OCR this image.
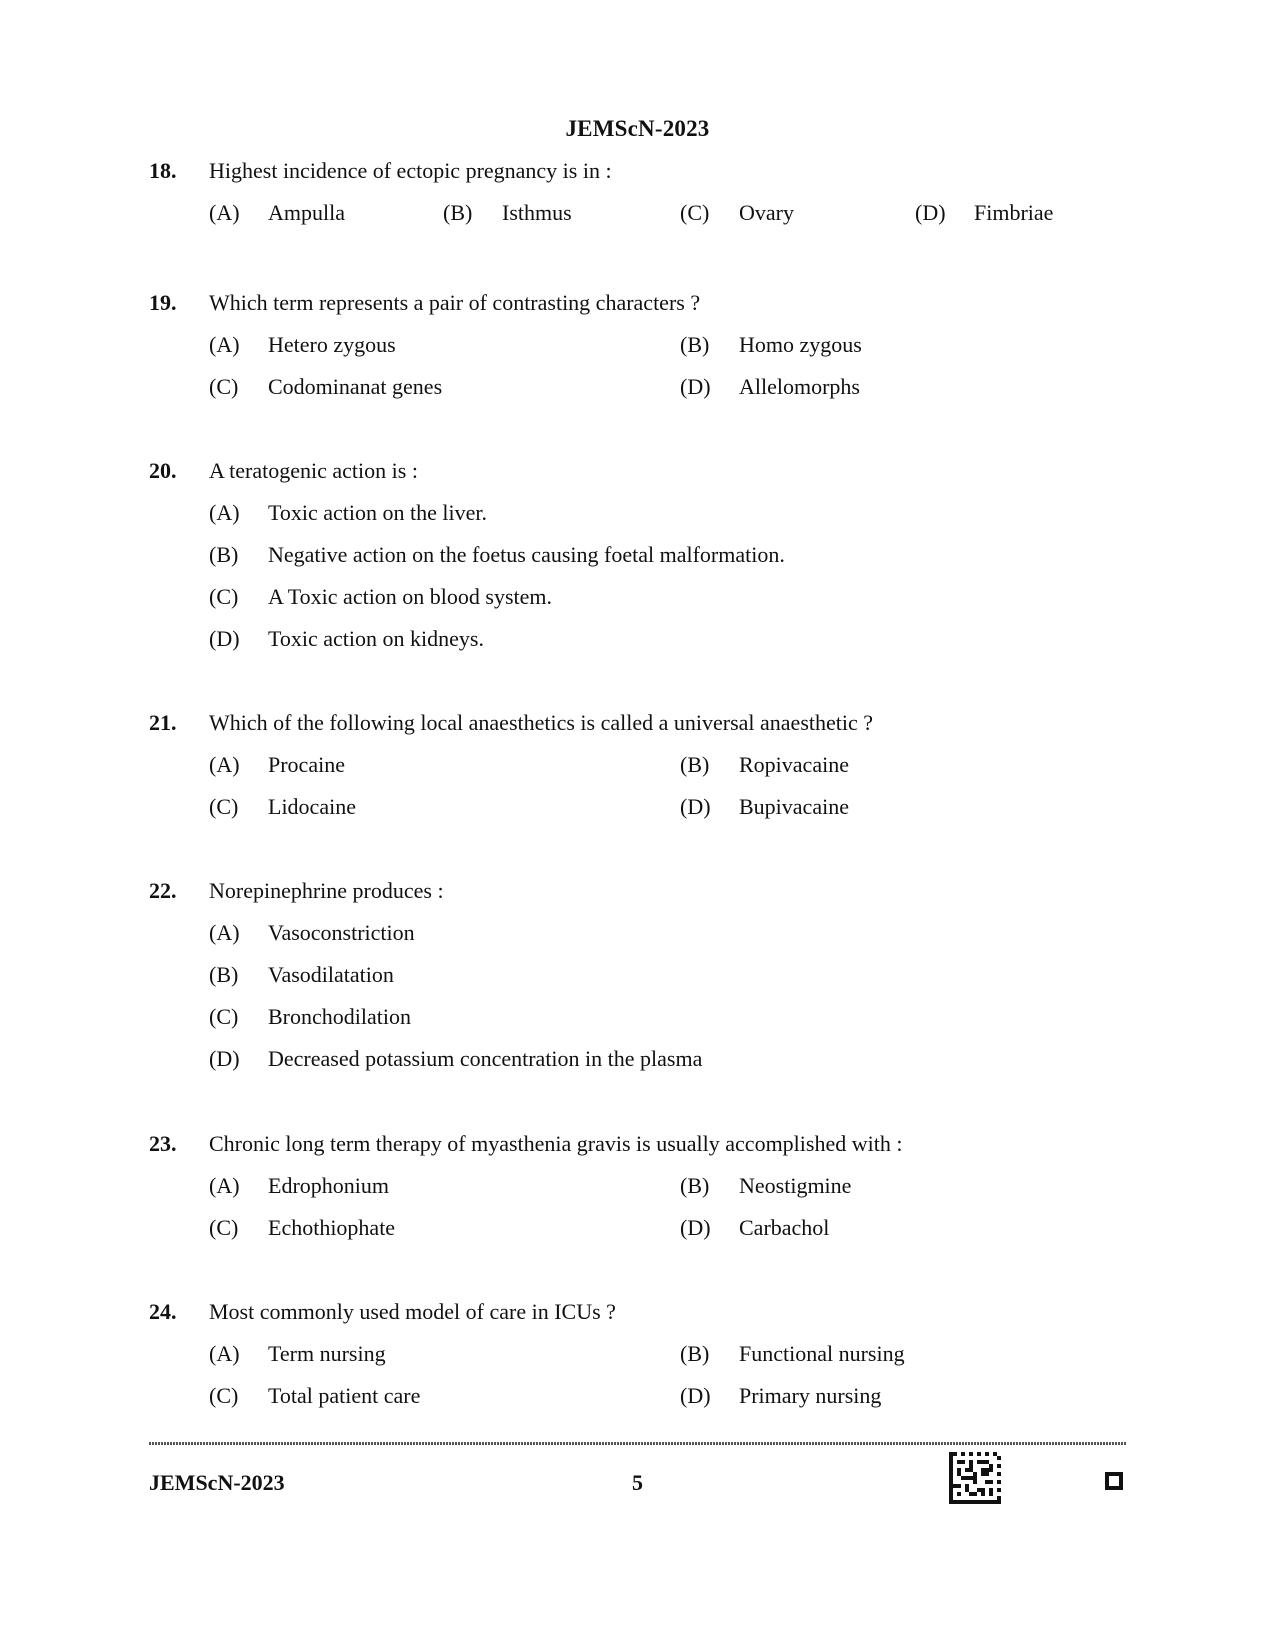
JEMScN-2023
18. Highest incidence of ectopic pregnancy is in :
(A) Ampulla	(B) Isthmus	(C) Ovary	(D) Fimbriae
19. Which term represents a pair of contrasting characters ?
(A) Hetero zygous	(B) Homo zygous
(C) Codominanat genes	(D) Allelomorphs
20. A teratogenic action is :
(A) Toxic action on the liver.
(B) Negative action on the foetus causing foetal malformation.
(C) A Toxic action on blood system.
(D) Toxic action on kidneys.
21. Which of the following local anaesthetics is called a universal anaesthetic ?
(A) Procaine	(B) Ropivacaine
(C) Lidocaine	(D) Bupivacaine
22. Norepinephrine produces :
(A) Vasoconstriction
(B) Vasodilatation
(C) Bronchodilation
(D) Decreased potassium concentration in the plasma
23. Chronic long term therapy of myasthenia gravis is usually accomplished with :
(A) Edrophonium	(B) Neostigmine
(C) Echothiophate	(D) Carbachol
24. Most commonly used model of care in ICUs ?
(A) Term nursing	(B) Functional nursing
(C) Total patient care	(D) Primary nursing
JEMScN-2023	5
